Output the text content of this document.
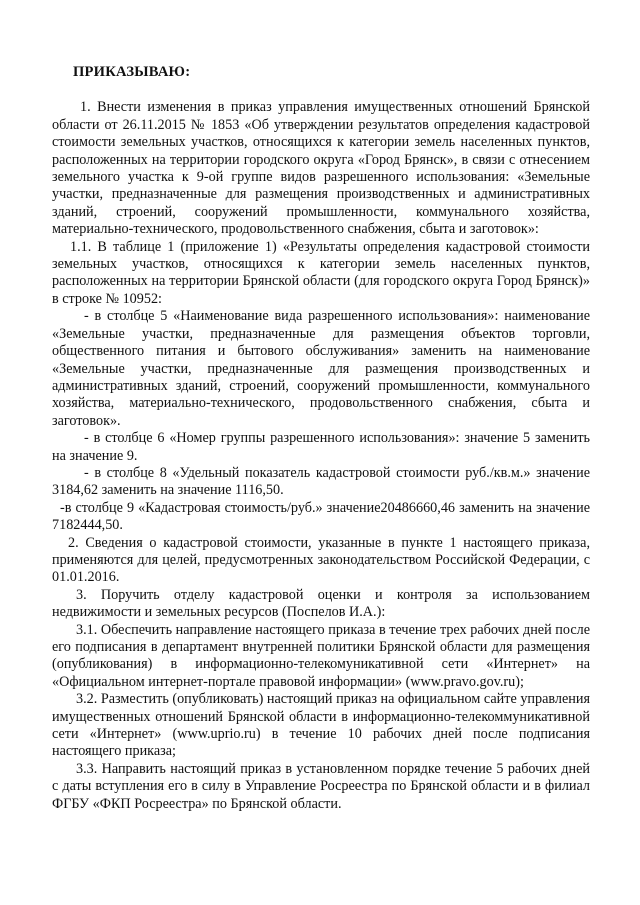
ПРИКАЗЫВАЮ:

1. Внести изменения в приказ управления имущественных отношений Брянской области от 26.11.2015 № 1853 «Об утверждении результатов определения кадастровой стоимости земельных участков, относящихся к категории земель населенных пунктов, расположенных на территории городского округа «Город Брянск», в связи с отнесением земельного участка к 9-ой группе видов разрешенного использования: «Земельные участки, предназначенные для размещения производственных и административных зданий, строений, сооружений промышленности, коммунального хозяйства, материально-технического, продовольственного снабжения, сбыта и заготовок»:

1.1. В таблице 1 (приложение 1) «Результаты определения кадастровой стоимости земельных участков, относящихся к категории земель населенных пунктов, расположенных на территории Брянской области (для городского округа Город Брянск)» в строке № 10952:

- в столбце 5 «Наименование вида разрешенного использования»: наименование «Земельные участки, предназначенные для размещения объектов торговли, общественного питания и бытового обслуживания» заменить на наименование «Земельные участки, предназначенные для размещения производственных и административных зданий, строений, сооружений промышленности, коммунального хозяйства, материально-технического, продовольственного снабжения, сбыта и заготовок».

- в столбце 6 «Номер группы разрешенного использования»: значение 5 заменить на значение 9.

- в столбце 8 «Удельный показатель кадастровой стоимости руб./кв.м.» значение 3184,62 заменить на значение 1116,50.

-в столбце 9 «Кадастровая стоимость/руб.» значение20486660,46 заменить на значение 7182444,50.

2. Сведения о кадастровой стоимости, указанные в пункте 1 настоящего приказа, применяются для целей, предусмотренных законодательством Российской Федерации, с 01.01.2016.

3. Поручить отделу кадастровой оценки и контроля за использованием недвижимости и земельных ресурсов (Поспелов И.А.):

3.1. Обеспечить направление настоящего приказа в течение трех рабочих дней после его подписания в департамент внутренней политики Брянской области для размещения (опубликования) в информационно-телекомуникативной сети «Интернет» на «Официальном интернет-портале правовой информации» (www.pravo.gov.ru);

3.2. Разместить (опубликовать) настоящий приказ на официальном сайте управления имущественных отношений Брянской области в информационно-телекоммуникативной сети «Интернет» (www.uprio.ru) в течение 10 рабочих дней после подписания настоящего приказа;

3.3. Направить настоящий приказ в установленном порядке течение 5 рабочих дней с даты вступления его в силу в Управление Росреестра по Брянской области и в филиал ФГБУ «ФКП Росреестра» по Брянской области.
